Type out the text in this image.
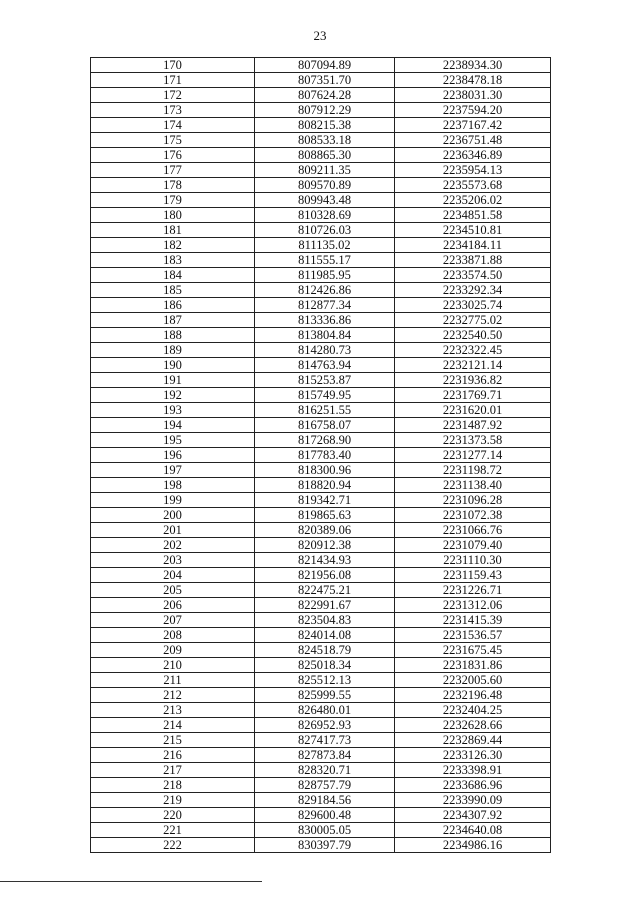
23
170	807094.89	2238934.30
171	807351.70	2238478.18
172	807624.28	2238031.30
173	807912.29	2237594.20
174	808215.38	2237167.42
175	808533.18	2236751.48
176	808865.30	2236346.89
177	809211.35	2235954.13
178	809570.89	2235573.68
179	809943.48	2235206.02
180	810328.69	2234851.58
181	810726.03	2234510.81
182	811135.02	2234184.11
183	811555.17	2233871.88
184	811985.95	2233574.50
185	812426.86	2233292.34
186	812877.34	2233025.74
187	813336.86	2232775.02
188	813804.84	2232540.50
189	814280.73	2232322.45
190	814763.94	2232121.14
191	815253.87	2231936.82
192	815749.95	2231769.71
193	816251.55	2231620.01
194	816758.07	2231487.92
195	817268.90	2231373.58
196	817783.40	2231277.14
197	818300.96	2231198.72
198	818820.94	2231138.40
199	819342.71	2231096.28
200	819865.63	2231072.38
201	820389.06	2231066.76
202	820912.38	2231079.40
203	821434.93	2231110.30
204	821956.08	2231159.43
205	822475.21	2231226.71
206	822991.67	2231312.06
207	823504.83	2231415.39
208	824014.08	2231536.57
209	824518.79	2231675.45
210	825018.34	2231831.86
211	825512.13	2232005.60
212	825999.55	2232196.48
213	826480.01	2232404.25
214	826952.93	2232628.66
215	827417.73	2232869.44
216	827873.84	2233126.30
217	828320.71	2233398.91
218	828757.79	2233686.96
219	829184.56	2233990.09
220	829600.48	2234307.92
221	830005.05	2234640.08
222	830397.79	2234986.16
